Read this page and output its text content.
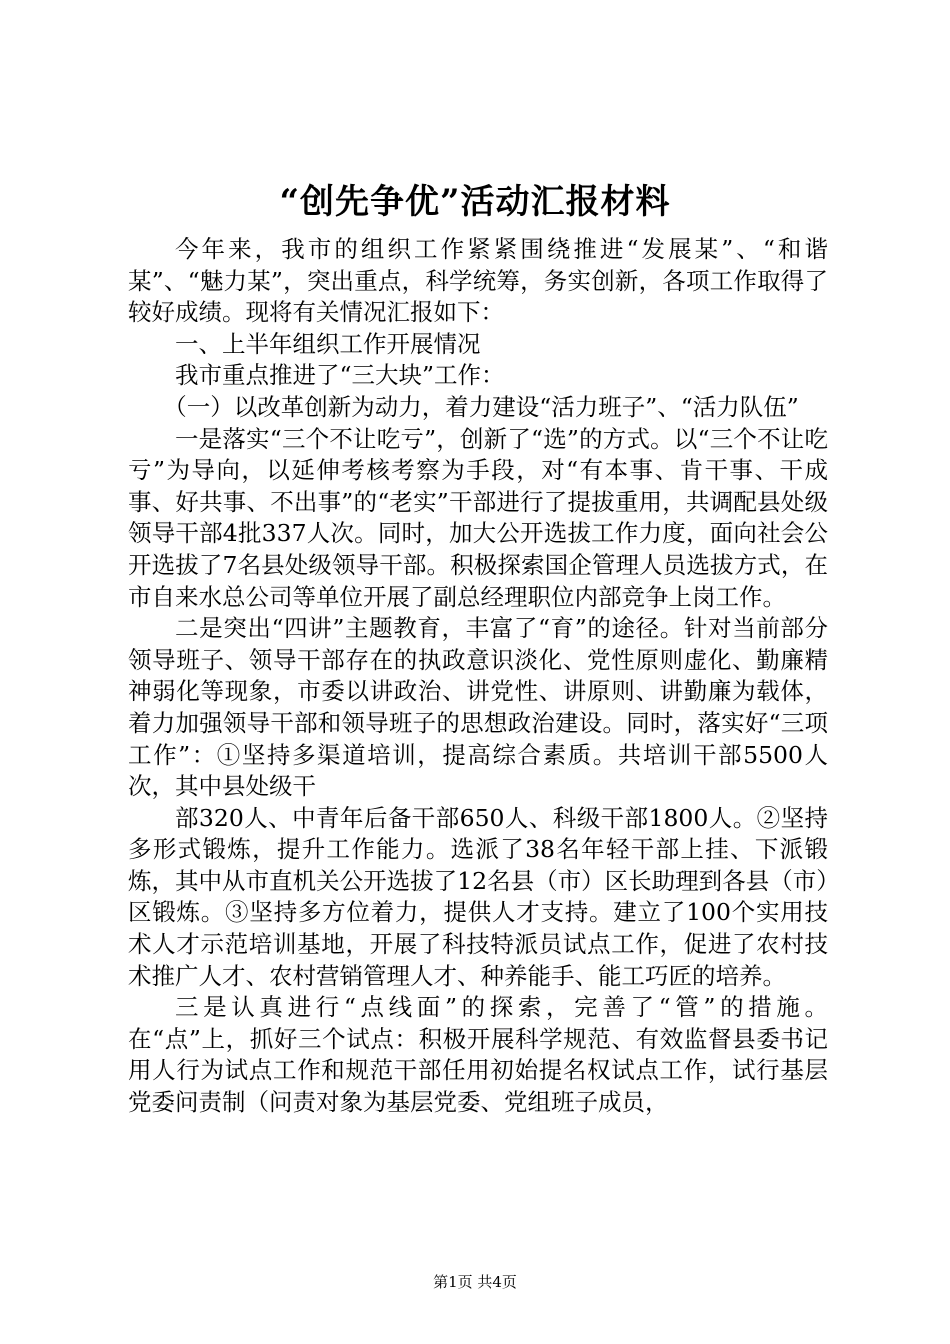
“创先争优”活动汇报材料

今年来，我市的组织工作紧紧围绕推进“发展某”、“和谐某”、“魅力某”，突出重点，科学统筹，务实创新，各项工作取得了较好成绩。现将有关情况汇报如下：

一、上半年组织工作开展情况

我市重点推进了“三大块”工作：

（一）以改革创新为动力，着力建设“活力班子”、“活力队伍”

一是落实“三个不让吃亏”，创新了“选”的方式。以“三个不让吃亏”为导向，以延伸考核考察为手段，对“有本事、肯干事、干成事、好共事、不出事”的“老实”干部进行了提拔重用，共调配县处级领导干部4批337人次。同时，加大公开选拔工作力度，面向社会公开选拔了7名县处级领导干部。积极探索国企管理人员选拔方式，在市自来水总公司等单位开展了副总经理职位内部竞争上岗工作。

二是突出“四讲”主题教育，丰富了“育”的途径。针对当前部分领导班子、领导干部存在的执政意识淡化、党性原则虚化、勤廉精神弱化等现象，市委以讲政治、讲党性、讲原则、讲勤廉为载体，着力加强领导干部和领导班子的思想政治建设。同时，落实好“三项工作”：①坚持多渠道培训，提高综合素质。共培训干部5500人次，其中县处级干

部320人、中青年后备干部650人、科级干部1800人。②坚持多形式锻炼，提升工作能力。选派了38名年轻干部上挂、下派锻炼，其中从市直机关公开选拔了12名县（市）区长助理到各县（市）区锻炼。③坚持多方位着力，提供人才支持。建立了100个实用技术人才示范培训基地，开展了科技特派员试点工作，促进了农村技术推广人才、农村营销管理人才、种养能手、能工巧匠的培养。

三是认真进行“点线面”的探索，完善了“管”的措施。在“点”上，抓好三个试点：积极开展科学规范、有效监督县委书记用人行为试点工作和规范干部任用初始提名权试点工作，试行基层党委问责制（问责对象为基层党委、党组班子成员，

第1页 共4页
